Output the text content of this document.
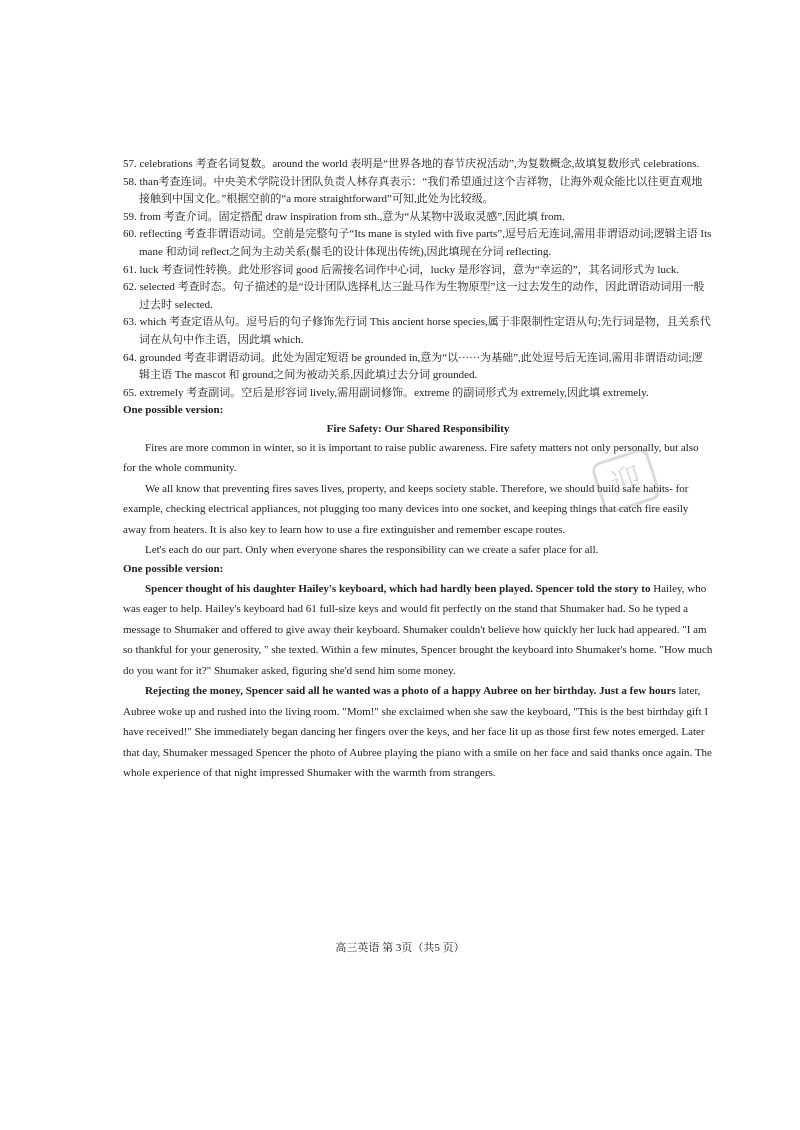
57. celebrations 考查名词复数。around the world 表明是“世界各地的春节庆祝活动”,为复数概念,故填复数形式 celebrations.

58. than考查连词。中央美术学院设计团队负责人林存真表示：“我们希望通过这个吉祥物，让海外观众能比以往更直观地接触到中国文化。”根据空前的“a more straightforward”可知,此处为比较级。

59. from 考查介词。固定搭配 draw inspiration from sth.,意为“从某物中汲取灵感”,因此填 from.

60. reflecting 考查非谓语动词。空前是完整句子“Its mane is styled with five parts”,逗号后无连词,需用非谓语动词;逻辑主语 Its mane 和动词 reflect之间为主动关系(鬃毛的设计体现出传统),因此填现在分词 reflecting.

61. luck 考查词性转换。此处形容词 good 后需接名词作中心词，lucky 是形容词，意为“幸运的”，其名词形式为 luck.

62. selected 考查时态。句子描述的是“设计团队选择札达三趾马作为生物原型”这一过去发生的动作，因此谓语动词用一般过去时 selected.

63. which 考查定语从句。逗号后的句子修饰先行词 This ancient horse species,属于非限制性定语从句;先行词是物，且关系代词在从句中作主语，因此填 which.

64. grounded 考查非谓语动词。此处为固定短语 be grounded in,意为“以······为基础”,此处逗号后无连词,需用非谓语动词;逻辑主语 The mascot 和 ground之间为被动关系,因此填过去分词 grounded.

65. extremely 考查副词。空后是形容词 lively,需用副词修饰。extreme 的副词形式为 extremely,因此填 extremely.

One possible version:
Fire Safety: Our Shared Responsibility

Fires are more common in winter, so it is important to raise public awareness. Fire safety matters not only personally, but also for the whole community.

We all know that preventing fires saves lives, property, and keeps society stable. Therefore, we should build safe habits- for example, checking electrical appliances, not plugging too many devices into one socket, and keeping things that catch fire easily away from heaters. It is also key to learn how to use a fire extinguisher and remember escape routes.

Let's each do our part. Only when everyone shares the responsibility can we create a safer place for all.

One possible version:

Spencer thought of his daughter Hailey's keyboard, which had hardly been played. Spencer told the story to Hailey, who was eager to help. Hailey's keyboard had 61 full-size keys and would fit perfectly on the stand that Shumaker had. So he typed a message to Shumaker and offered to give away their keyboard. Shumaker couldn't believe how quickly her luck had appeared. "I am so thankful for your generosity, " she texted. Within a few minutes, Spencer brought the keyboard into Shumaker's home. "How much do you want for it?" Shumaker asked, figuring she'd send him some money.

Rejecting the money, Spencer said all he wanted was a photo of a happy Aubree on her birthday. Just a few hours later, Aubree woke up and rushed into the living room. "Mom!" she exclaimed when she saw the keyboard, "This is the best birthday gift I have received!" She immediately began dancing her fingers over the keys, and her face lit up as those first few notes emerged. Later that day, Shumaker messaged Spencer the photo of Aubree playing the piano with a smile on her face and said thanks once again. The whole experience of that night impressed Shumaker with the warmth from strangers.

迎
高三英语 第 3页（共5 页）
